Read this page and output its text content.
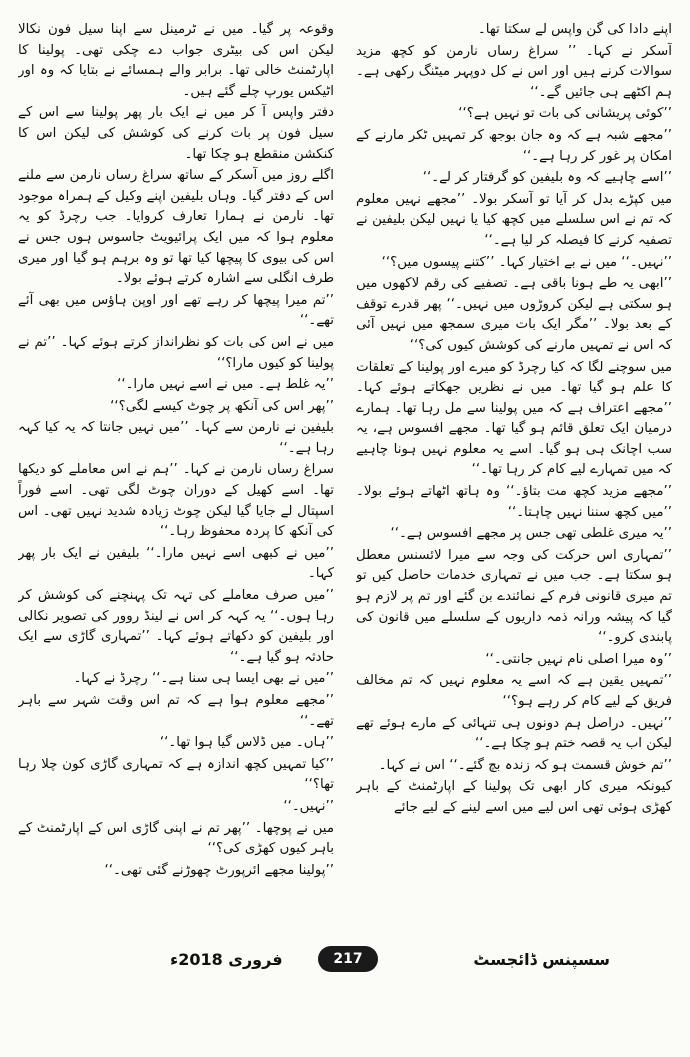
اپنے دادا کی گن واپس لے سکتا تھا۔

آسکر نے کہا۔ ’’ سراغ رساں نارمن کو کچھ مزید سوالات کرنے ہیں اور اس نے کل دوپہر میٹنگ رکھی ہے۔ ہم اکٹھے ہی جائیں گے۔‘‘

’’کوئی پریشانی کی بات تو نہیں ہے؟‘‘

’’مجھے شبہ ہے کہ وہ جان بوجھ کر تمہیں ٹکر مارنے کے امکان پر غور کر رہا ہے۔‘‘

’’اسے چاہیے کہ وہ بلیفین کو گرفتار کر لے۔‘‘

میں کپڑے بدل کر آیا تو آسکر بولا۔ ’’مجھے نہیں معلوم کہ تم نے اس سلسلے میں کچھ کیا یا نہیں لیکن بلیفین نے تصفیہ کرنے کا فیصلہ کر لیا ہے۔‘‘

’’نہیں۔‘‘ میں نے بے اختیار کہا۔ ’’کتنے پیسوں میں؟‘‘

’’ابھی یہ طے ہونا باقی ہے۔ تصفیے کی رقم لاکھوں میں ہو سکتی ہے لیکن کروڑوں میں نہیں۔‘‘ پھر قدرے توقف کے بعد بولا۔ ’’مگر ایک بات میری سمجھ میں نہیں آئی کہ اس نے تمہیں مارنے کی کوشش کیوں کی؟‘‘

میں سوچنے لگا کہ کیا رچرڈ کو میرے اور پولینا کے تعلقات کا علم ہو گیا تھا۔ میں نے نظریں جھکاتے ہوئے کہا۔ ’’مجھے اعتراف ہے کہ میں پولینا سے مل رہا تھا۔ ہمارے درمیان ایک تعلق قائم ہو گیا تھا۔ مجھے افسوس ہے، یہ سب اچانک ہی ہو گیا۔ اسے یہ معلوم نہیں ہونا چاہیے کہ میں تمہارے لیے کام کر رہا تھا۔‘‘

’’مجھے مزید کچھ مت بتاؤ۔‘‘ وہ ہاتھ اٹھاتے ہوئے بولا۔ ’’میں کچھ سننا نہیں چاہتا۔‘‘

’’یہ میری غلطی تھی جس پر مجھے افسوس ہے۔‘‘

’’تمہاری اس حرکت کی وجہ سے میرا لائسنس معطل ہو سکتا ہے۔ جب میں نے تمہاری خدمات حاصل کیں تو تم میری قانونی فرم کے نمائندے بن گئے اور تم پر لازم ہو گیا کہ پیشہ ورانہ ذمہ داریوں کے سلسلے میں قانون کی پابندی کرو۔‘‘

’’وہ میرا اصلی نام نہیں جانتی۔‘‘

’’تمہیں یقین ہے کہ اسے یہ معلوم نہیں کہ تم مخالف فریق کے لیے کام کر رہے ہو؟‘‘

’’نہیں۔ دراصل ہم دونوں ہی تنہائی کے مارے ہوئے تھے لیکن اب یہ قصہ ختم ہو چکا ہے۔‘‘

’’تم خوش قسمت ہو کہ زندہ بچ گئے۔‘‘ اس نے کہا۔

کیونکہ میری کار ابھی تک پولینا کے اپارٹمنٹ کے باہر کھڑی ہوئی تھی اس لیے میں اسے لینے کے لیے جائے

وقوعہ پر گیا۔ میں نے ٹرمینل سے اپنا سیل فون نکالا لیکن اس کی بیٹری جواب دے چکی تھی۔ پولینا کا اپارٹمنٹ خالی تھا۔ برابر والے ہمسائے نے بتایا کہ وہ اور اٹیکس یورپ چلے گئے ہیں۔

دفتر واپس آ کر میں نے ایک بار پھر پولینا سے اس کے سیل فون پر بات کرنے کی کوشش کی لیکن اس کا کنکشن منقطع ہو چکا تھا۔

اگلے روز میں آسکر کے ساتھ سراغ رساں نارمن سے ملنے اس کے دفتر گیا۔ وہاں بلیفین اپنے وکیل کے ہمراہ موجود تھا۔ نارمن نے ہمارا تعارف کروایا۔ جب رچرڈ کو یہ معلوم ہوا کہ میں ایک پرائیویٹ جاسوس ہوں جس نے اس کی بیوی کا پیچھا کیا تھا تو وہ برہم ہو گیا اور میری طرف انگلی سے اشارہ کرتے ہوئے بولا۔

’’تم میرا پیچھا کر رہے تھے اور اوپن ہاؤس میں بھی آئے تھے۔‘‘

میں نے اس کی بات کو نظرانداز کرتے ہوئے کہا۔ ’’تم نے پولینا کو کیوں مارا؟‘‘

’’یہ غلط ہے۔ میں نے اسے نہیں مارا۔‘‘

’’پھر اس کی آنکھ پر چوٹ کیسے لگی؟‘‘

بلیفین نے نارمن سے کہا۔ ’’میں نہیں جانتا کہ یہ کیا کہہ رہا ہے۔‘‘

سراغ رساں نارمن نے کہا۔ ’’ہم نے اس معاملے کو دیکھا تھا۔ اسے کھیل کے دوران چوٹ لگی تھی۔ اسے فوراً اسپتال لے جایا گیا لیکن چوٹ زیادہ شدید نہیں تھی۔ اس کی آنکھ کا پردہ محفوظ رہا۔‘‘

’’میں نے کبھی اسے نہیں مارا۔‘‘ بلیفین نے ایک بار پھر کہا۔

’’میں صرف معاملے کی تہہ تک پہنچنے کی کوشش کر رہا ہوں۔‘‘ یہ کہہ کر اس نے لینڈ روور کی تصویر نکالی اور بلیفین کو دکھاتے ہوئے کہا۔ ’’تمہاری گاڑی سے ایک حادثہ ہو گیا ہے۔‘‘

’’میں نے بھی ایسا ہی سنا ہے۔‘‘ رچرڈ نے کہا۔

’’مجھے معلوم ہوا ہے کہ تم اس وقت شہر سے باہر تھے۔‘‘

’’ہاں۔ میں ڈلاس گیا ہوا تھا۔‘‘

’’کیا تمہیں کچھ اندازہ ہے کہ تمہاری گاڑی کون چلا رہا تھا؟‘‘

’’نہیں۔‘‘

میں نے پوچھا۔ ’’پھر تم نے اپنی گاڑی اس کے اپارٹمنٹ کے باہر کیوں کھڑی کی؟‘‘

’’پولینا مجھے ائرپورٹ چھوڑنے گئی تھی۔‘‘

سسپنس ڈائجسٹ
217
فروری 2018ء
